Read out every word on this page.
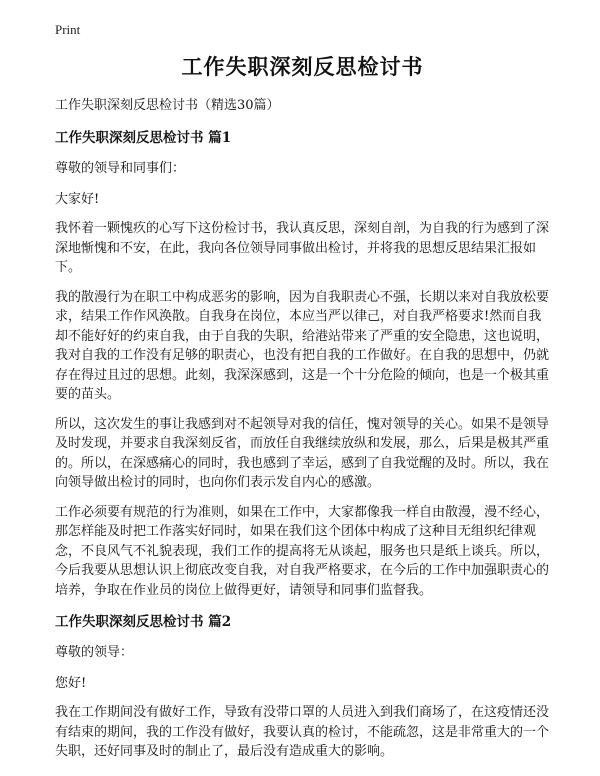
Print
工作失职深刻反思检讨书
工作失职深刻反思检讨书（精选30篇）
工作失职深刻反思检讨书 篇1

尊敬的领导和同事们：

大家好!

我怀着一颗愧疚的心写下这份检讨书，我认真反思，深刻自剖，为自我的行为感到了深深地惭愧和不安，在此，我向各位领导同事做出检讨，并将我的思想反思结果汇报如下。

我的散漫行为在职工中构成恶劣的影响，因为自我职责心不强，长期以来对自我放松要求，结果工作作风涣散。自我身在岗位，本应当严以律己，对自我严格要求!然而自我却不能好好的约束自我，由于自我的失职，给港站带来了严重的安全隐患，这也说明，我对自我的工作没有足够的职责心，也没有把自我的工作做好。在自我的思想中，仍就存在得过且过的思想。此刻，我深深感到，这是一个十分危险的倾向，也是一个极其重要的苗头。

所以，这次发生的事让我感到对不起领导对我的信任，愧对领导的关心。如果不是领导及时发现，并要求自我深刻反省，而放任自我继续放纵和发展，那么，后果是极其严重的。所以，在深感痛心的同时，我也感到了幸运，感到了自我觉醒的及时。所以，我在向领导做出检讨的同时，也向你们表示发自内心的感激。

工作必须要有规范的行为准则，如果在工作中，大家都像我一样自由散漫，漫不经心，那怎样能及时把工作落实好同时，如果在我们这个团体中构成了这种目无组织纪律观念，不良风气不礼貌表现，我们工作的提高将无从谈起，服务也只是纸上谈兵。所以，今后我要从思想认识上彻底改变自我，对自我严格要求，在今后的工作中加强职责心的培养，争取在作业员的岗位上做得更好，请领导和同事们监督我。

工作失职深刻反思检讨书 篇2

尊敬的领导：

您好!

我在工作期间没有做好工作，导致有没带口罩的人员进入到我们商场了，在这疫情还没有结束的期间，我的工作没有做好，我要认真的检讨，不能疏忽，这是非常重大的一个失职，还好同事及时的制止了，最后没有造成重大的影响。
